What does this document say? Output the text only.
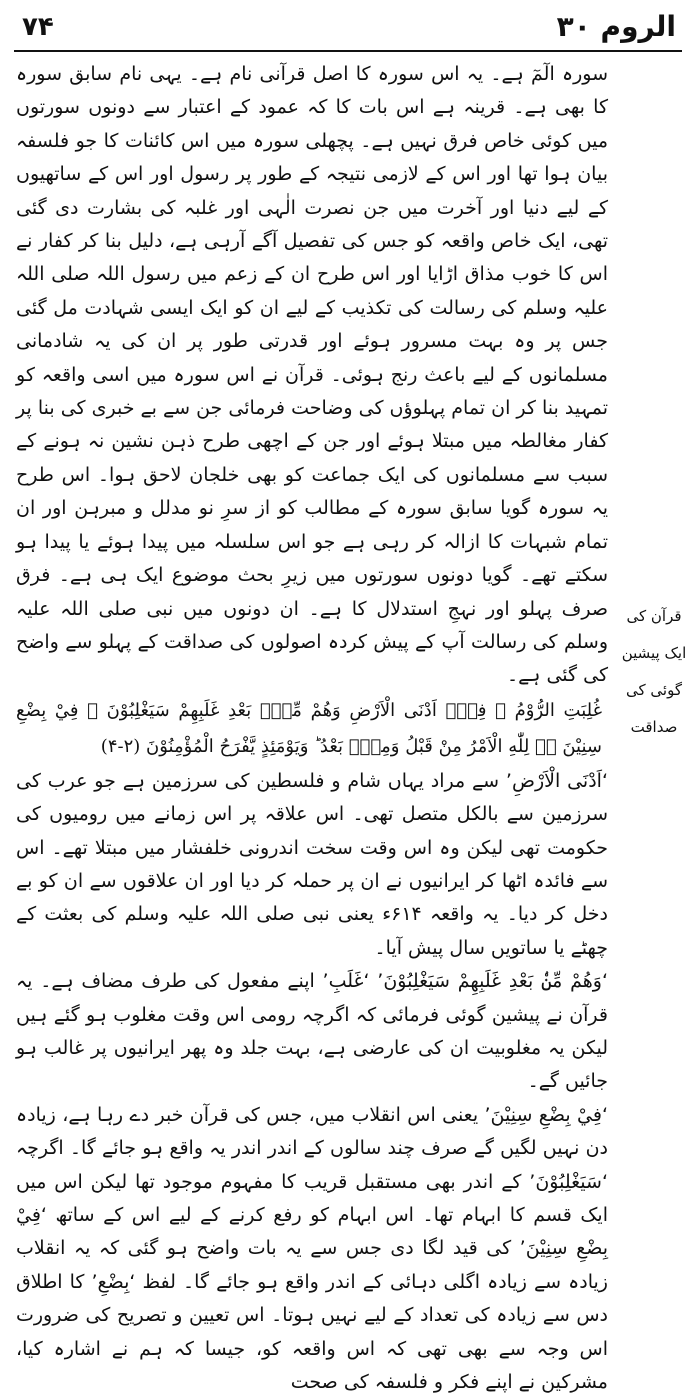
۷۴	الروم ۳۰
قرآن کی ایک پیشین گوئی کی صداقت

سورہ الٓمٓ ہے۔ یہ اس سورہ کا اصل قرآنی نام ہے۔ یہی نام سابق سورہ کا بھی ہے۔ قرینہ ہے اس بات کا کہ عمود کے اعتبار سے دونوں سورتوں میں کوئی خاص فرق نہیں ہے۔ پچھلی سورہ میں اس کائنات کا جو فلسفہ بیان ہوا تھا اور اس کے لازمی نتیجہ کے طور پر رسول اور اس کے ساتھیوں کے لیے دنیا اور آخرت میں جن نصرت الٰہی اور غلبہ کی بشارت دی گئی تھی، ایک خاص واقعہ کو جس کی تفصیل آگے آرہی ہے، دلیل بنا کر کفار نے اس کا خوب مذاق اڑایا اور اس طرح ان کے زعم میں رسول اللہ صلی اللہ علیہ وسلم کی رسالت کی تکذیب کے لیے ان کو ایک ایسی شہادت مل گئی جس پر وہ بہت مسرور ہوئے اور قدرتی طور پر ان کی یہ شادمانی مسلمانوں کے لیے باعث رنج ہوئی۔ قرآن نے اس سورہ میں اسی واقعہ کو تمہید بنا کر ان تمام پہلوؤں کی وضاحت فرمائی جن سے بے خبری کی بنا پر کفار مغالطہ میں مبتلا ہوئے اور جن کے اچھی طرح ذہن نشین نہ ہونے کے سبب سے مسلمانوں کی ایک جماعت کو بھی خلجان لاحق ہوا۔ اس طرح یہ سورہ گویا سابق سورہ کے مطالب کو از سرِ نو مدلل و مبرہن اور ان تمام شبہات کا ازالہ کر رہی ہے جو اس سلسلہ میں پیدا ہوئے یا پیدا ہو سکتے تھے۔ گویا دونوں سورتوں میں زیرِ بحث موضوع ایک ہی ہے۔ فرق صرف پہلو اور نہجِ استدلال کا ہے۔ ان دونوں میں نبی صلی اللہ علیہ وسلم کی رسالت آپ کے پیش کردہ اصولوں کی صداقت کے پہلو سے واضح کی گئی ہے۔

غُلِبَتِ الرُّوْمُ ۙ فِيْۤ اَدْنَى الْاَرْضِ وَهُمْ مِّنْۢ بَعْدِ غَلَبِهِمْ سَيَغْلِبُوْنَ ۙ فِيْ بِضْعِ سِنِيْنَ ۬ؕ لِلّٰهِ الْاَمْرُ مِنْ قَبْلُ وَمِنْۢ بَعْدُ ؕ وَيَوْمَئِذٍ يَّفْرَحُ الْمُؤْمِنُوْنَ (۲-۴)

‘اَدْنَی الْاَرْضِ’ سے مراد یہاں شام و فلسطین کی سرزمین ہے جو عرب کی سرزمین سے بالکل متصل تھی۔ اس علاقہ پر اس زمانے میں رومیوں کی حکومت تھی لیکن وہ اس وقت سخت اندرونی خلفشار میں مبتلا تھے۔ اس سے فائدہ اٹھا کر ایرانیوں نے ان پر حملہ کر دیا اور ان علاقوں سے ان کو بے دخل کر دیا۔ یہ واقعہ ۶۱۴ء یعنی نبی صلی اللہ علیہ وسلم کی بعثت کے چھٹے یا ساتویں سال پیش آیا۔

‘وَهُمْ مِّنْۢ بَعْدِ غَلَبِهِمْ سَيَغْلِبُوْنَ’ ‘غَلَبِ’ اپنے مفعول کی طرف مضاف ہے۔ یہ قرآن نے پیشین گوئی فرمائی کہ اگرچہ رومی اس وقت مغلوب ہو گئے ہیں لیکن یہ مغلوبیت ان کی عارضی ہے، بہت جلد وہ پھر ایرانیوں پر غالب ہو جائیں گے۔

‘فِيْ بِضْعِ سِنِيْنَ’ یعنی اس انقلاب میں، جس کی قرآن خبر دے رہا ہے، زیادہ دن نہیں لگیں گے صرف چند سالوں کے اندر اندر یہ واقع ہو جائے گا۔ اگرچہ ‘سَيَغْلِبُوْنَ’ کے اندر بھی مستقبل قریب کا مفہوم موجود تھا لیکن اس میں ایک قسم کا ابہام تھا۔ اس ابہام کو رفع کرنے کے لیے اس کے ساتھ ‘فِيْ بِضْعِ سِنِيْنَ’ کی قید لگا دی جس سے یہ بات واضح ہو گئی کہ یہ انقلاب زیادہ سے زیادہ اگلی دہائی کے اندر واقع ہو جائے گا۔ لفظ ‘بِضْعِ’ کا اطلاق دس سے زیادہ کی تعداد کے لیے نہیں ہوتا۔ اس تعیین و تصریح کی ضرورت اس وجہ سے بھی تھی کہ اس واقعہ کو، جیسا کہ ہم نے اشارہ کیا، مشرکین نے اپنے فکر و فلسفہ کی صحت
